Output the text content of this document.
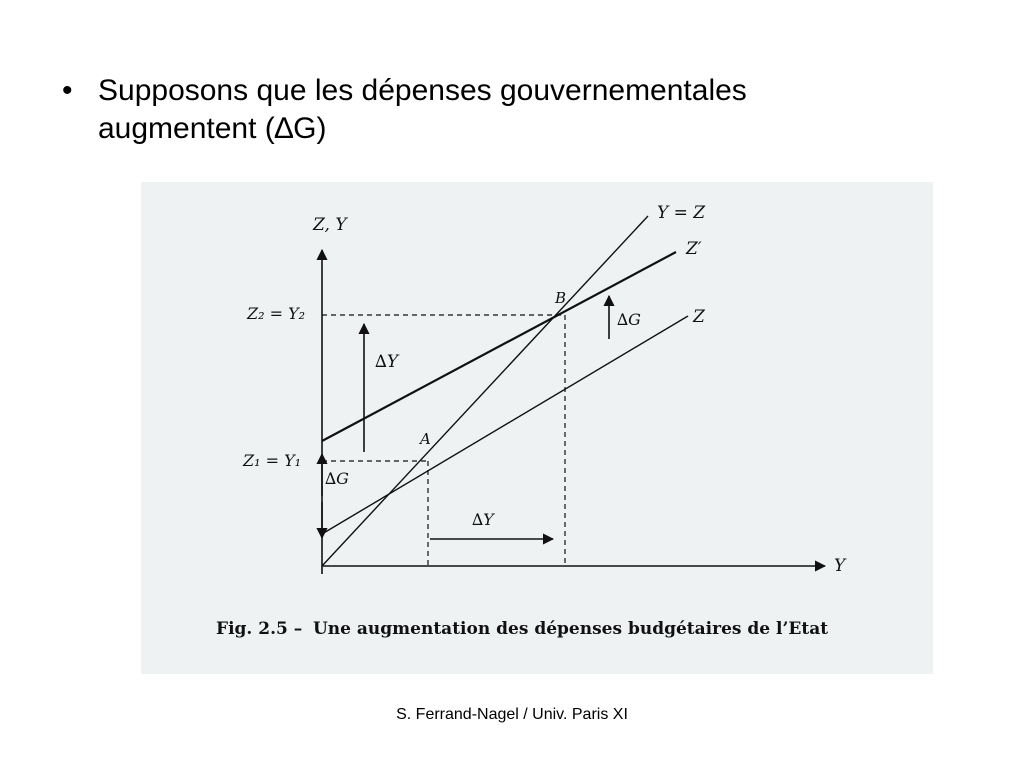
• Supposons que les dépenses gouvernementales
augmentent (∆G)
A
B
Z, Y
Y
Y = Z
Z′
Z
Z₂ = Y₂
Z₁ = Y₁
∆Y
∆G
∆G
∆Y
Fig. 2.5 – Une augmentation des dépenses budgétaires de l’Etat
S. Ferrand-Nagel / Univ. Paris XI
